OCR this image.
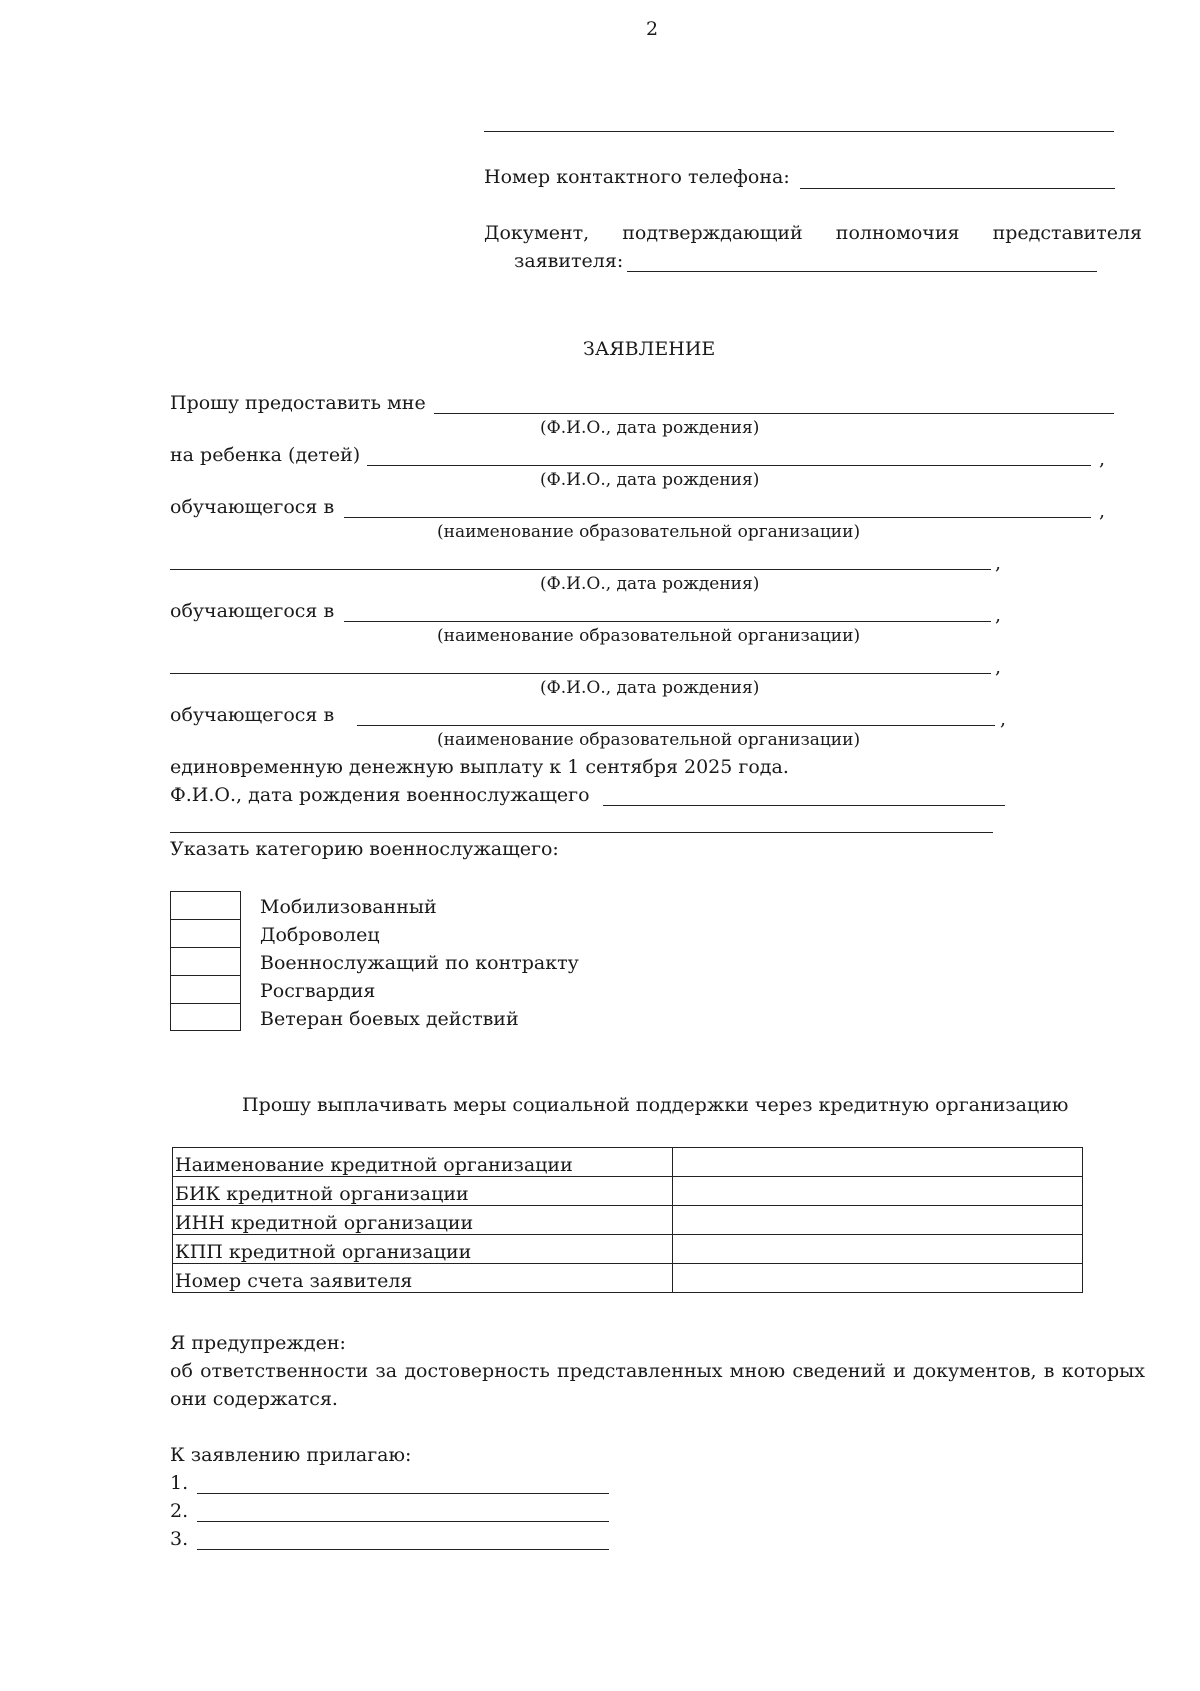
2
Номер контактного телефона:
Документ, подтверждающий полномочия представителя
заявителя:
ЗАЯВЛЕНИЕ
Прошу предоставить мне
(Ф.И.О., дата рождения)
на ребенка (детей)	,
(Ф.И.О., дата рождения)
обучающегося в	,
(наименование образовательной организации)
,
(Ф.И.О., дата рождения)
обучающегося в	,
(наименование образовательной организации)
,
(Ф.И.О., дата рождения)
обучающегося в	,
(наименование образовательной организации)
единовременную денежную выплату к 1 сентября 2025 года.
Ф.И.О., дата рождения военнослужащего
Указать категорию военнослужащего:
Мобилизованный
Доброволец
Военнослужащий по контракту
Росгвардия
Ветеран боевых действий
Прошу выплачивать меры социальной поддержки через кредитную организацию
Наименование кредитной организации	
БИК кредитной организации	
ИНН кредитной организации	
КПП кредитной организации	
Номер счета заявителя	
Я предупрежден:
об ответственности за достоверность представленных мною сведений и документов, в которых
они содержатся.
К заявлению прилагаю:
1.
2.
3.
